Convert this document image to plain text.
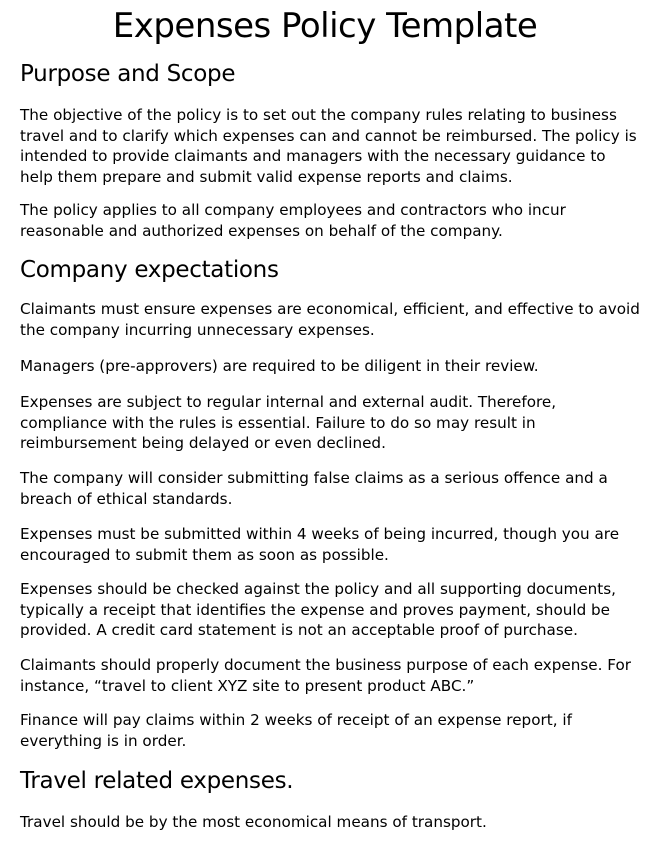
Expenses Policy Template
Purpose and Scope

The objective of the policy is to set out the company rules relating to business
travel and to clarify which expenses can and cannot be reimbursed. The policy is
intended to provide claimants and managers with the necessary guidance to
help them prepare and submit valid expense reports and claims.

The policy applies to all company employees and contractors who incur
reasonable and authorized expenses on behalf of the company.

Company expectations

Claimants must ensure expenses are economical, efficient, and effective to avoid
the company incurring unnecessary expenses.

Managers (pre-approvers) are required to be diligent in their review.

Expenses are subject to regular internal and external audit. Therefore,
compliance with the rules is essential. Failure to do so may result in
reimbursement being delayed or even declined.

The company will consider submitting false claims as a serious offence and a
breach of ethical standards.

Expenses must be submitted within 4 weeks of being incurred, though you are
encouraged to submit them as soon as possible.

Expenses should be checked against the policy and all supporting documents,
typically a receipt that identifies the expense and proves payment, should be
provided. A credit card statement is not an acceptable proof of purchase.

Claimants should properly document the business purpose of each expense. For
instance, “travel to client XYZ site to present product ABC.”

Finance will pay claims within 2 weeks of receipt of an expense report, if
everything is in order.

Travel related expenses.

Travel should be by the most economical means of transport.
